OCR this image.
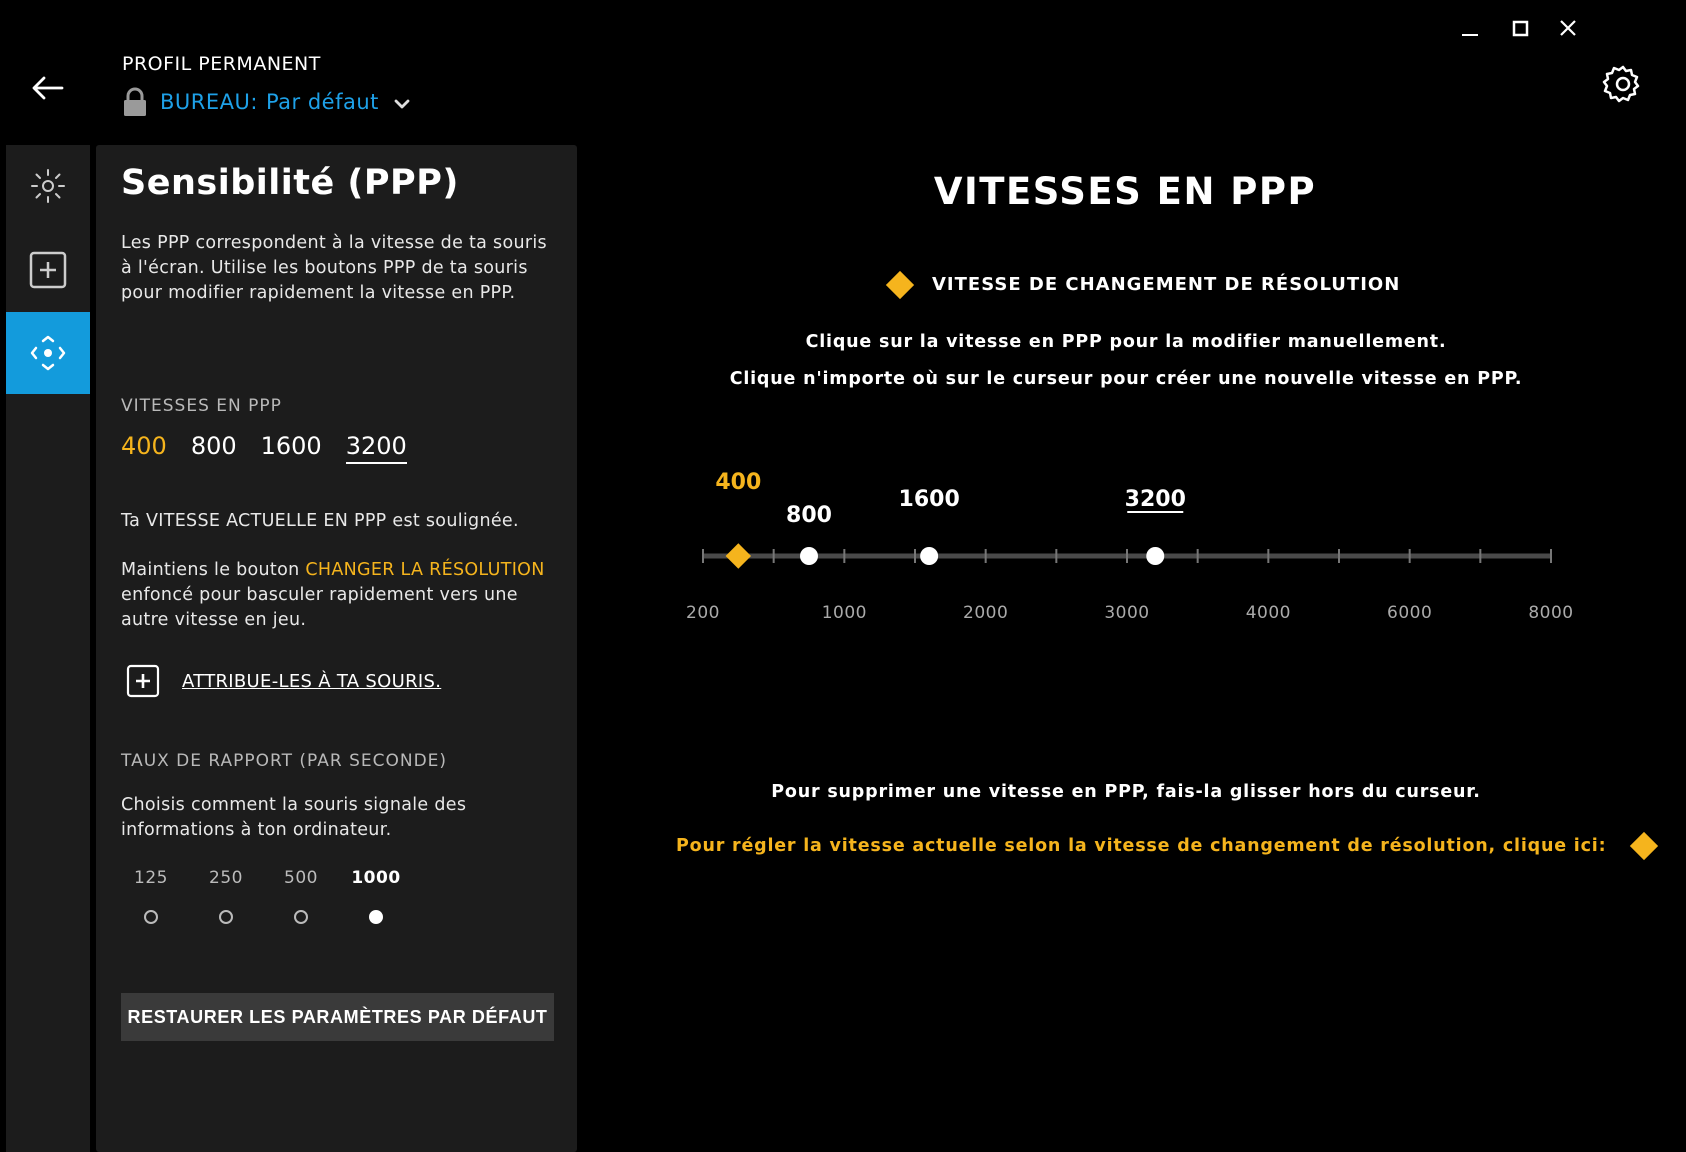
PROFIL PERMANENT
BUREAU: Par défaut
Sensibilité (PPP)
Les PPP correspondent à la vitesse de ta souris à l'écran. Utilise les boutons PPP de ta souris pour modifier rapidement la vitesse en PPP.
VITESSES EN PPP
400 800 1600 3200
Ta VITESSE ACTUELLE EN PPP est soulignée.
Maintiens le bouton CHANGER LA RÉSOLUTION enfoncé pour basculer rapidement vers une autre vitesse en jeu.
ATTRIBUE-LES À TA SOURIS.
TAUX DE RAPPORT (PAR SECONDE)
Choisis comment la souris signale des informations à ton ordinateur.
125	250	500	1000
RESTAURER LES PARAMÈTRES PAR DÉFAUT
VITESSES EN PPP
VITESSE DE CHANGEMENT DE RÉSOLUTION
Clique sur la vitesse en PPP pour la modifier manuellement.
Clique n'importe où sur le curseur pour créer une nouvelle vitesse en PPP.
200	1000	2000	3000	4000	6000	8000
400
800
1600	3200
Pour supprimer une vitesse en PPP, fais-la glisser hors du curseur.
Pour régler la vitesse actuelle selon la vitesse de changement de résolution, clique ici:
